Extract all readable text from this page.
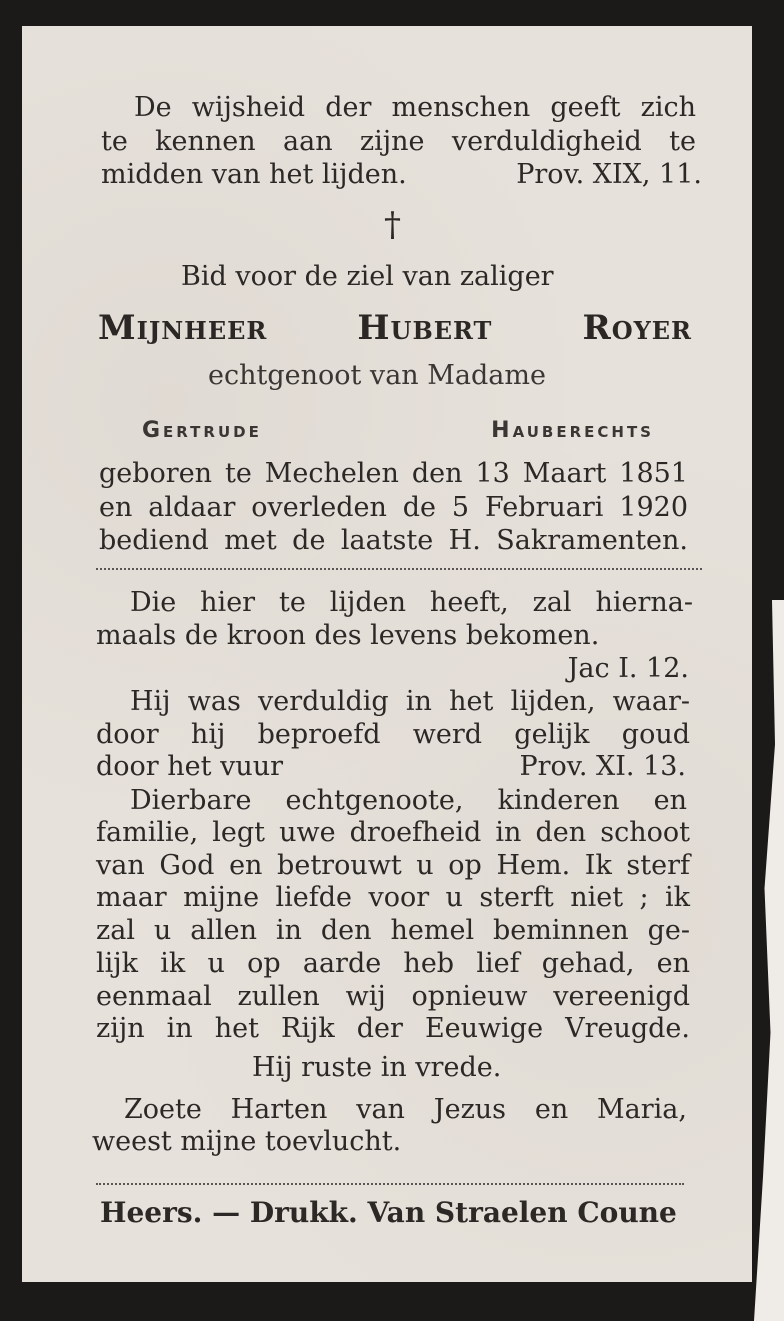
De wijsheid der menschen geeft zich

te kennen aan zijne verduldigheid te

midden van het lijden.	Prov. XIX, 11.
†

Bid voor de ziel van zaliger

Mijnheer	Hubert	Royer

echtgenoot van Madame

Gertrude	Hauberechts

geboren te Mechelen den 13 Maart 1851

en aldaar overleden de 5 Februari 1920

bediend met de laatste H. Sakramenten.

Die hier te lijden heeft, zal hierna-

maals de kroon des levens bekomen.

Jac I. 12.

Hij was verduldig in het lijden, waar-

door hij beproefd werd gelijk goud

door het vuur	Prov. XI. 13.

Dierbare echtgenoote, kinderen en

familie, legt uwe droefheid in den schoot

van God en betrouwt u op Hem. Ik sterf

maar mijne liefde voor u sterft niet ; ik

zal u allen in den hemel beminnen ge-

lijk ik u op aarde heb lief gehad, en

eenmaal zullen wij opnieuw vereenigd

zijn in het Rijk der Eeuwige Vreugde.

Hij ruste in vrede.

Zoete Harten van Jezus en Maria,

weest mijne toevlucht.

Heers. — Drukk. Van Straelen Coune
